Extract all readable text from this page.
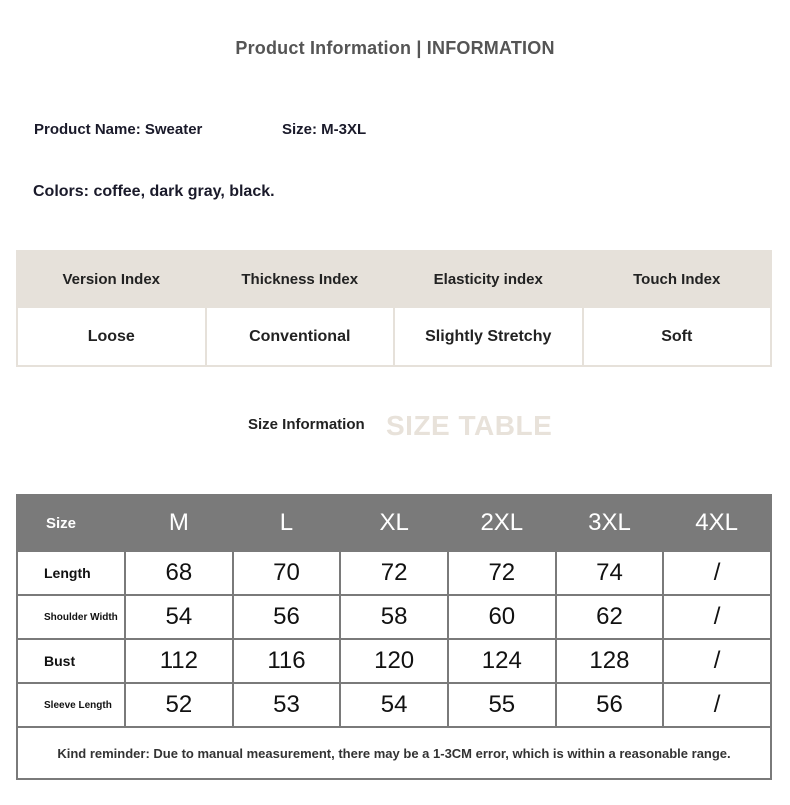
Product Information | INFORMATION
Product Name: Sweater	Size: M-3XL
Colors: coffee, dark gray, black.
Version Index	Thickness Index	Elasticity index	Touch Index
Loose	Conventional	Slightly Stretchy	Soft
Size Information SIZE TABLE
Size	M	L	XL	2XL	3XL	4XL
Length	68	70	72	72	74	/
Shoulder Width	54	56	58	60	62	/
Bust	112	116	120	124	128	/
Sleeve Length	52	53	54	55	56	/
Kind reminder: Due to manual measurement, there may be a 1-3CM error, which is within a reasonable range.						
